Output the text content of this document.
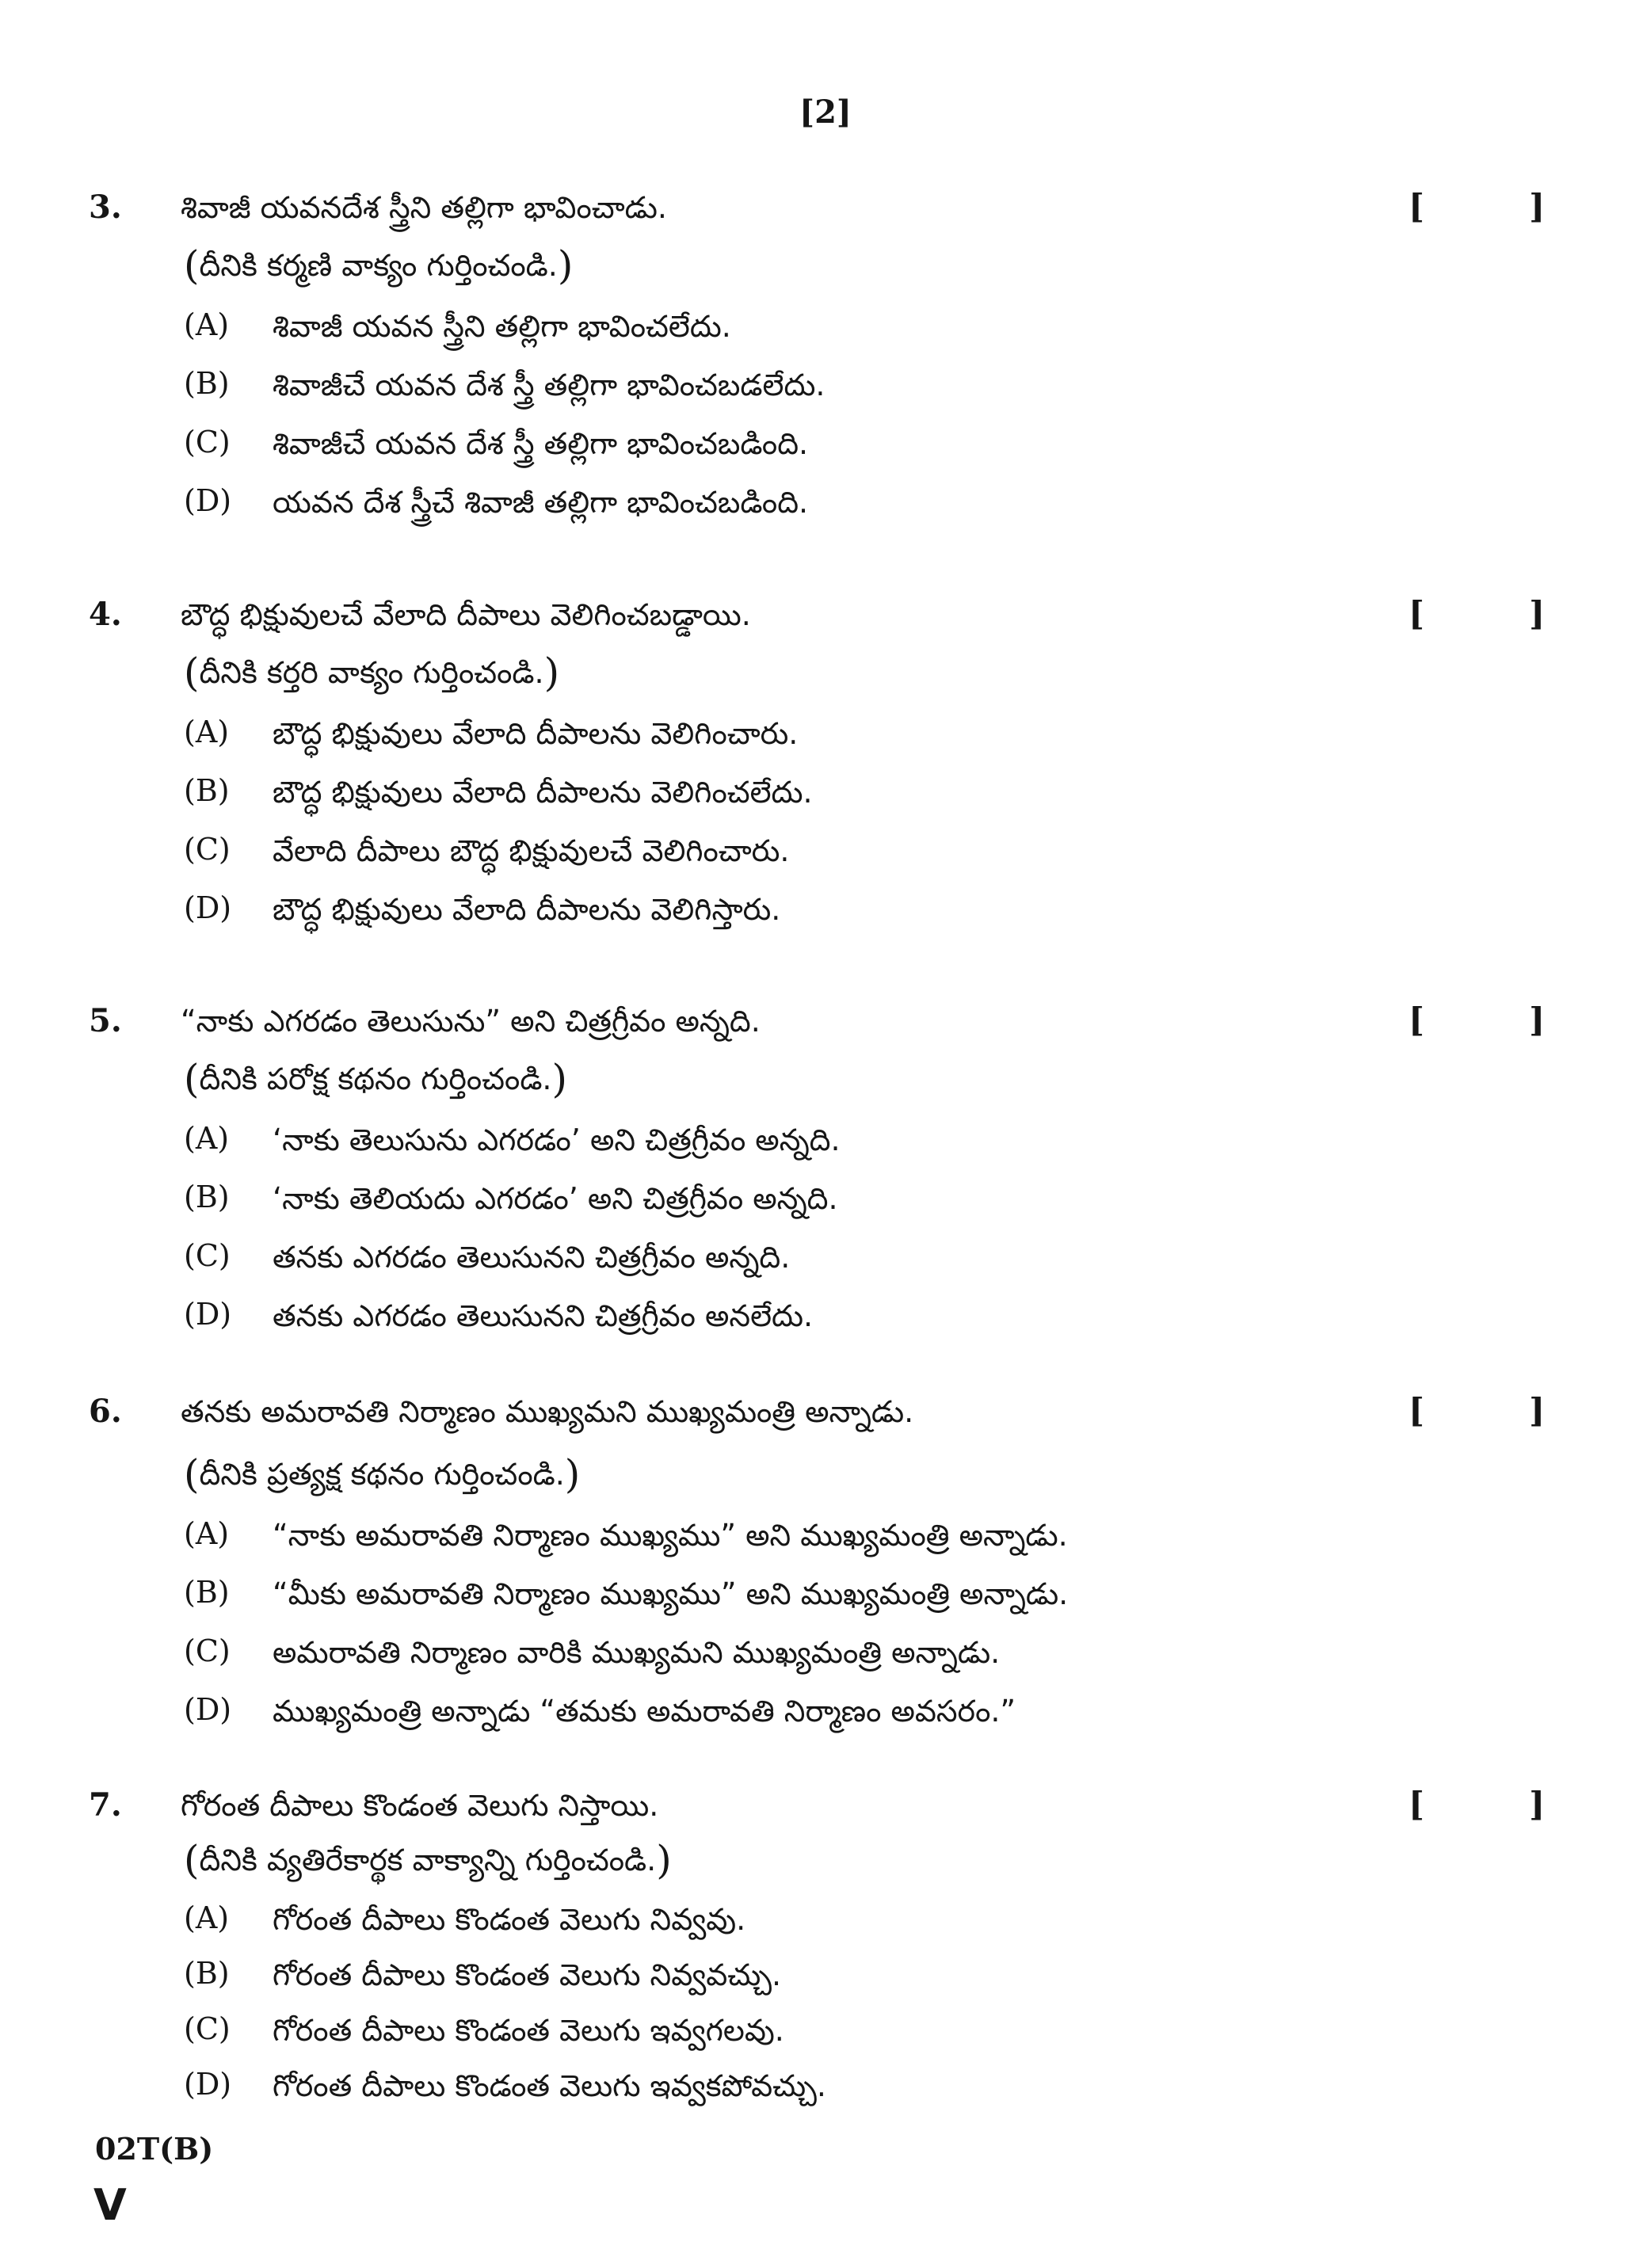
[2]
3. శివాజీ యవనదేశ స్త్రీని తల్లిగా భావించాడు.	[	]
(దీనికి కర్మణి వాక్యం గుర్తించండి.)
(A) శివాజీ యవన స్త్రీని తల్లిగా భావించలేదు.
(B) శివాజీచే యవన దేశ స్త్రీ తల్లిగా భావించబడలేదు.
(C) శివాజీచే యవన దేశ స్త్రీ తల్లిగా భావించబడింది.
(D) యవన దేశ స్త్రీచే శివాజీ తల్లిగా భావించబడింది.
4. బౌద్ధ భిక్షువులచే వేలాది దీపాలు వెలిగించబడ్డాయి.	[	]
(దీనికి కర్తరి వాక్యం గుర్తించండి.)
(A) బౌద్ధ భిక్షువులు వేలాది దీపాలను వెలిగించారు.
(B) బౌద్ధ భిక్షువులు వేలాది దీపాలను వెలిగించలేదు.
(C) వేలాది దీపాలు బౌద్ధ భిక్షువులచే వెలిగించారు.
(D) బౌద్ధ భిక్షువులు వేలాది దీపాలను వెలిగిస్తారు.
5. “నాకు ఎగరడం తెలుసును” అని చిత్రగ్రీవం అన్నది.	[	]
(దీనికి పరోక్ష కథనం గుర్తించండి.)
(A) ‘నాకు తెలుసును ఎగరడం’ అని చిత్రగ్రీవం అన్నది.
(B) ‘నాకు తెలియదు ఎగరడం’ అని చిత్రగ్రీవం అన్నది.
(C) తనకు ఎగరడం తెలుసునని చిత్రగ్రీవం అన్నది.
(D) తనకు ఎగరడం తెలుసునని చిత్రగ్రీవం అనలేదు.
6. తనకు అమరావతి నిర్మాణం ముఖ్యమని ముఖ్యమంత్రి అన్నాడు.	[	]
(దీనికి ప్రత్యక్ష కథనం గుర్తించండి.)
(A) “నాకు అమరావతి నిర్మాణం ముఖ్యము” అని ముఖ్యమంత్రి అన్నాడు.
(B) “మీకు అమరావతి నిర్మాణం ముఖ్యము” అని ముఖ్యమంత్రి అన్నాడు.
(C) అమరావతి నిర్మాణం వారికి ముఖ్యమని ముఖ్యమంత్రి అన్నాడు.
(D) ముఖ్యమంత్రి అన్నాడు “తమకు అమరావతి నిర్మాణం అవసరం.”
7. గోరంత దీపాలు కొండంత వెలుగు నిస్తాయి.	[	]
(దీనికి వ్యతిరేకార్థక వాక్యాన్ని గుర్తించండి.)
(A) గోరంత దీపాలు కొండంత వెలుగు నివ్వవు.
(B) గోరంత దీపాలు కొండంత వెలుగు నివ్వవచ్చు.
(C) గోరంత దీపాలు కొండంత వెలుగు ఇవ్వగలవు.
(D) గోరంత దీపాలు కొండంత వెలుగు ఇవ్వకపోవచ్చు.
02T(B)
V
